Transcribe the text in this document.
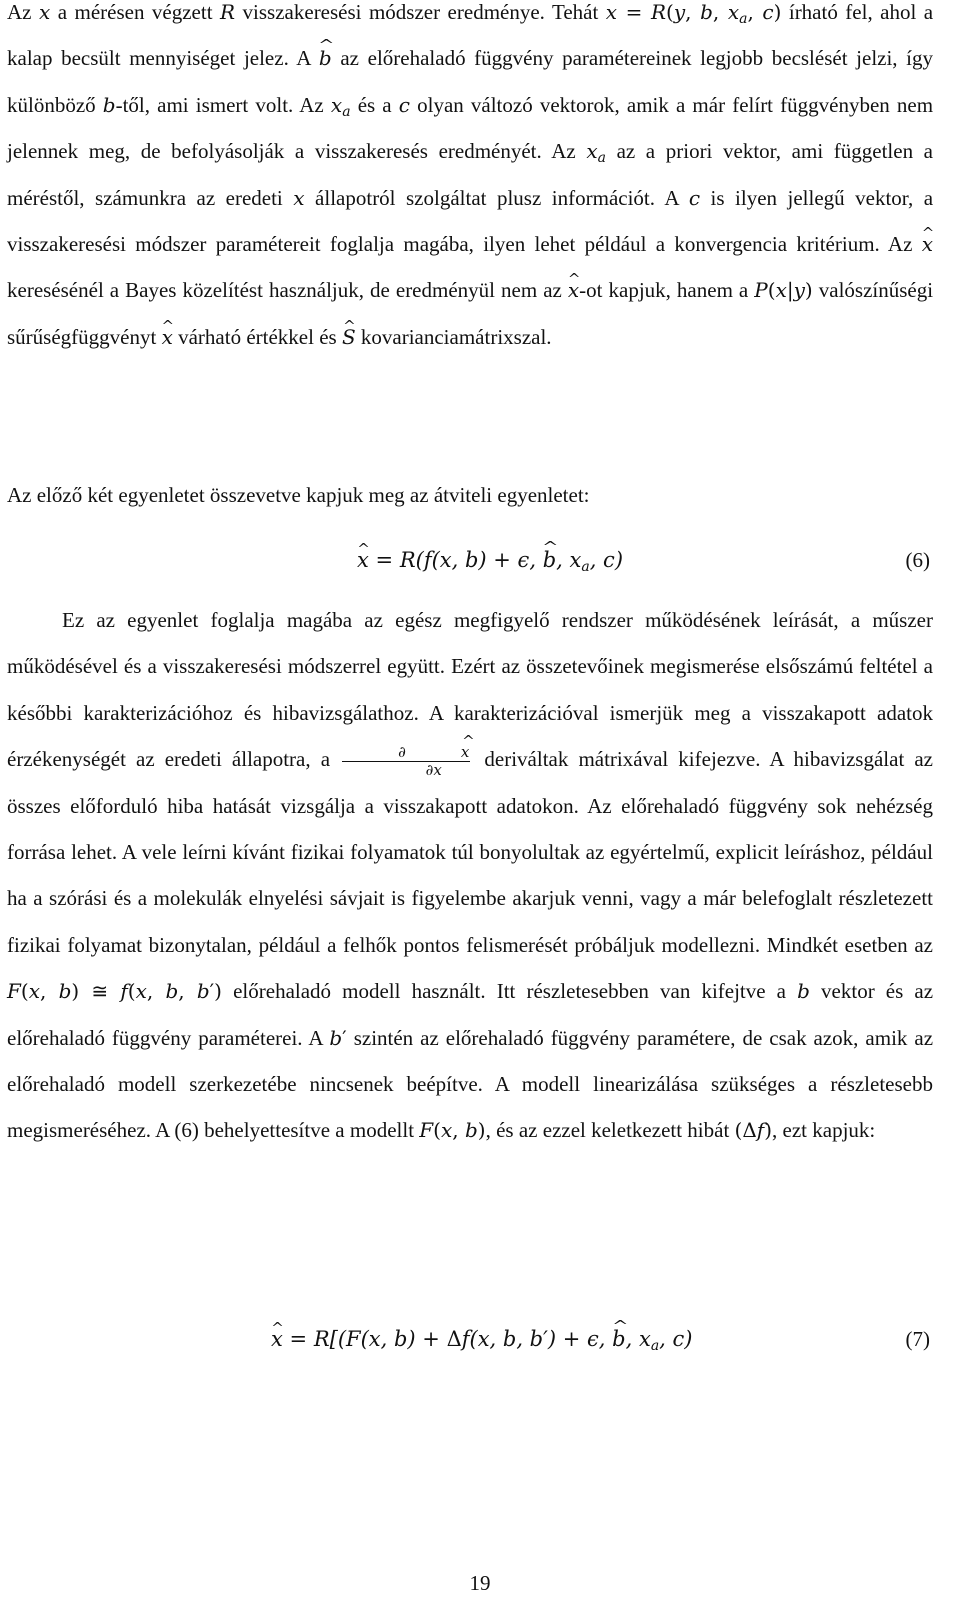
Az x ^ a mérésen végzett R visszakeresési módszer eredménye. Tehát x ^ = R(y, b ^, $x_a$, c) írható fel, ahol a kalap becsült mennyiséget jelez. A b ^ az előrehaladó függvény paramétereinek legjobb becslését jelzi, így különböző b-től, ami ismert volt. Az $x_a$ és a c olyan változó vektorok, amik a már felírt függvényben nem jelennek meg, de befolyásolják a visszakeresés eredményét. Az $x_a$ az a priori vektor, ami független a méréstől, számunkra az eredeti x állapotról szolgáltat plusz információt. A c is ilyen jellegű vektor, a visszakeresési módszer paramétereit foglalja magába, ilyen lehet például a konvergencia kritérium. Az x ^ keresésénél a Bayes közelítést használjuk, de eredményül nem az x ^-ot kapjuk, hanem a P(x|y) valószínűségi sűrűségfüggvényt x ^ várható értékkel és S ^ kovarianciamátrixszal.

Az előző két egyenletet összevetve kapjuk meg az átviteli egyenletet:

x ^ = R(f(x, b) + ϵ, b ^, $x_a$, c)	(6)

Ez az egyenlet foglalja magába az egész megfigyelő rendszer működésének leírását, a műszer működésével és a visszakeresési módszerrel együtt. Ezért az összetevőinek megismerése elsőszámú feltétel a későbbi karakterizációhoz és hibavizsgálathoz. A karakterizációval ismerjük meg a visszakapott adatok érzékenységét az eredeti állapotra, a ∂	x ^
∂x deriváltak mátrixával kifejezve. A hibavizsgálat az összes előforduló hiba hatását vizsgálja a visszakapott adatokon. Az előrehaladó függvény sok nehézség forrása lehet. A vele leírni kívánt fizikai folyamatok túl bonyolultak az egyértelmű, explicit leíráshoz, például ha a szórási és a molekulák elnyelési sávjait is figyelembe akarjuk venni, vagy a már belefoglalt részletezett fizikai folyamat bizonytalan, például a felhők pontos felismerését próbáljuk modellezni. Mindkét esetben az F(x, b) ≅ f(x, b, b′) előrehaladó modell használt. Itt részletesebben van kifejtve a b vektor és az előrehaladó függvény paraméterei. A b′ szintén az előrehaladó függvény paramétere, de csak azok, amik az előrehaladó modell szerkezetébe nincsenek beépítve. A modell linearizálása szükséges a részletesebb megismeréséhez. A (6) behelyettesítve a modellt F(x, b), és az ezzel keletkezett hibát (Δf), ezt kapjuk:

x ^ = R[(F(x, b) + Δf(x, b, b′) + ϵ, b ^, $x_a$, c)	(7)
19
